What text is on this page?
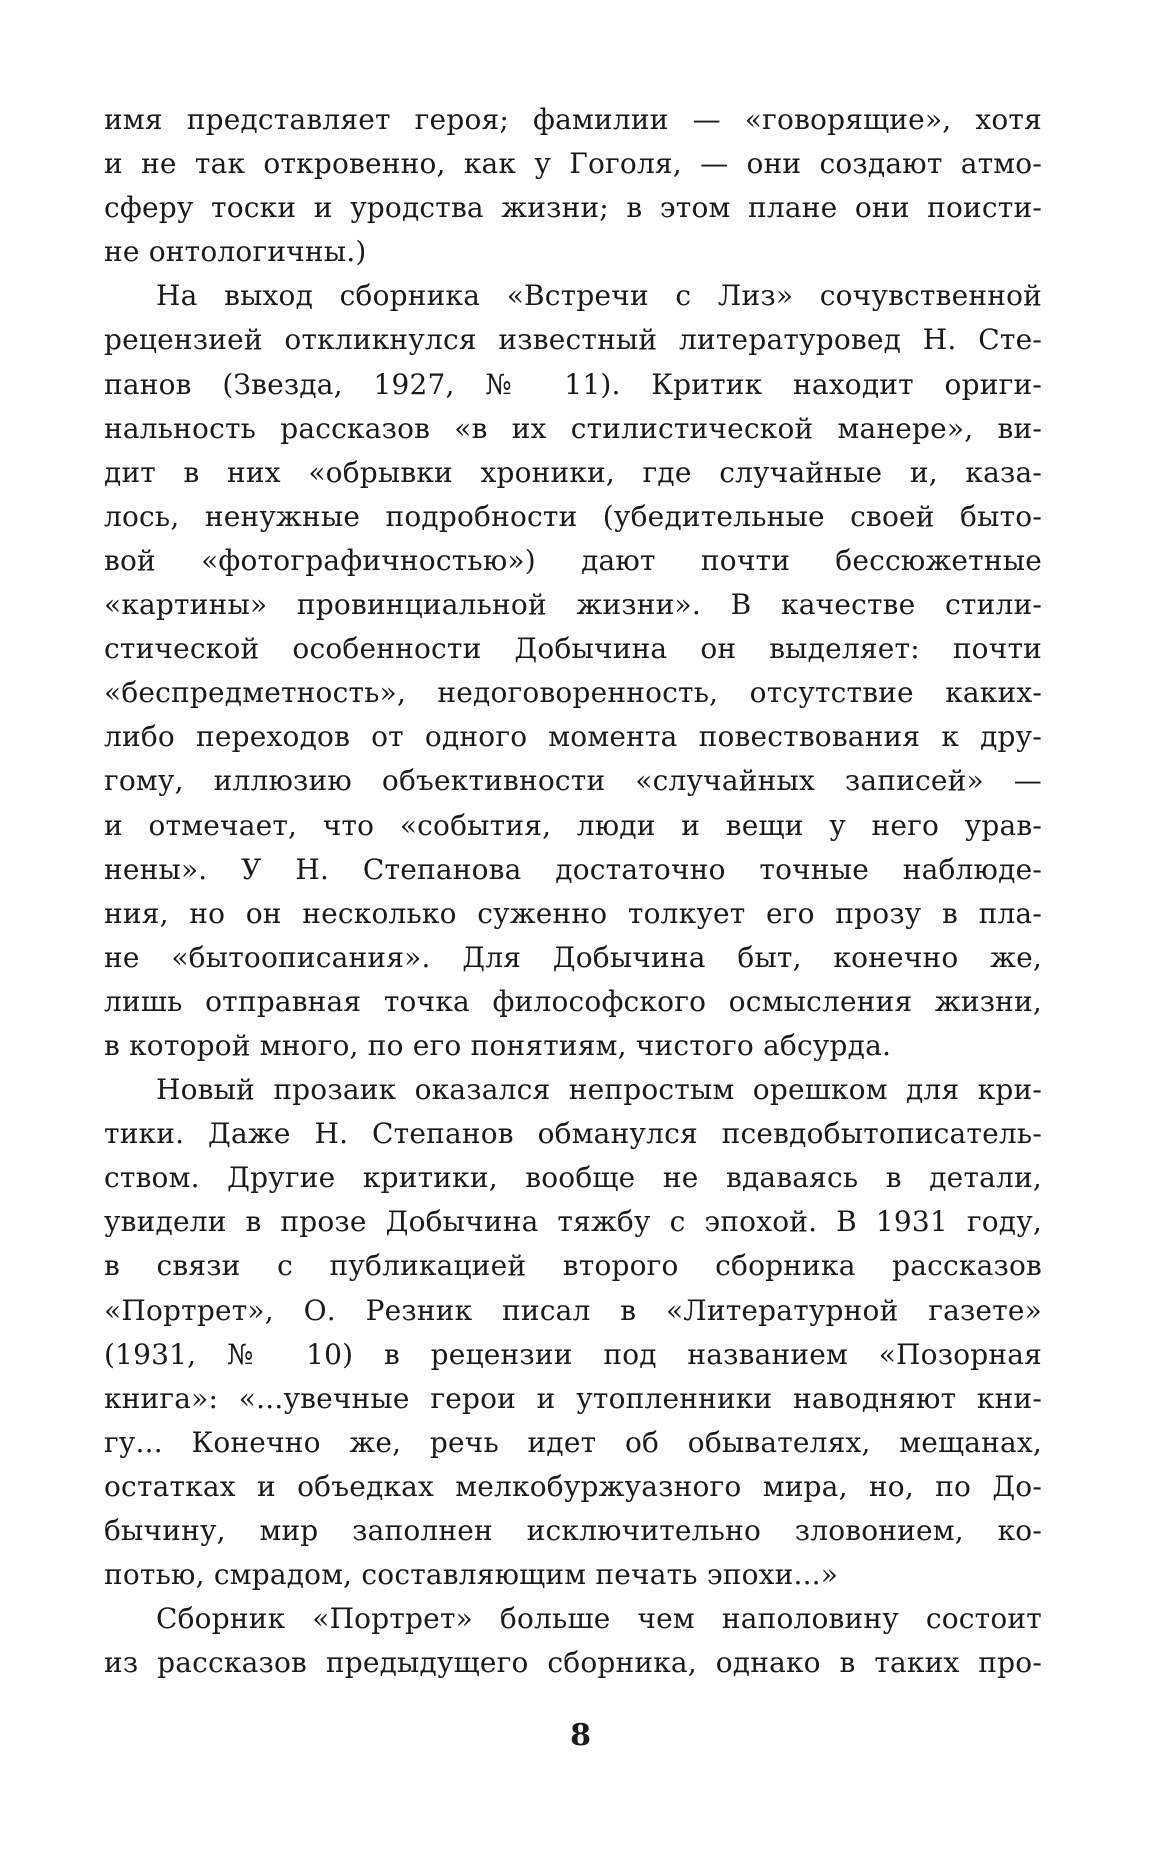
имя представляет героя; фамилии — «говорящие», хотя
и не так откровенно, как у Гоголя, — они создают атмо-
сферу тоски и уродства жизни; в этом плане они поисти-
не онтологичны.)
На выход сборника «Встречи с Лиз» сочувственной
рецензией откликнулся известный литературовед Н. Сте-
панов (Звезда, 1927, № 11). Критик находит ориги-
нальность рассказов «в их стилистической манере», ви-
дит в них «обрывки хроники, где случайные и, каза-
лось, ненужные подробности (убедительные своей быто-
вой «фотографичностью») дают почти бессюжетные
«картины» провинциальной жизни». В качестве стили-
стической особенности Добычина он выделяет: почти
«беспредметность», недоговоренность, отсутствие каких-
либо переходов от одного момента повествования к дру-
гому, иллюзию объективности «случайных записей» —
и отмечает, что «события, люди и вещи у него урав-
нены». У Н. Степанова достаточно точные наблюде-
ния, но он несколько суженно толкует его прозу в пла-
не «бытоописания». Для Добычина быт, конечно же,
лишь отправная точка философского осмысления жизни,
в которой много, по его понятиям, чистого абсурда.
Новый прозаик оказался непростым орешком для кри-
тики. Даже Н. Степанов обманулся псевдобытописатель-
ством. Другие критики, вообще не вдаваясь в детали,
увидели в прозе Добычина тяжбу с эпохой. В 1931 году,
в связи с публикацией второго сборника рассказов
«Портрет», О. Резник писал в «Литературной газете»
(1931, № 10) в рецензии под названием «Позорная
книга»: «...увечные герои и утопленники наводняют кни-
гу... Конечно же, речь идет об обывателях, мещанах,
остатках и объедках мелкобуржуазного мира, но, по До-
бычину, мир заполнен исключительно зловонием, ко-
потью, смрадом, составляющим печать эпохи...»
Сборник «Портрет» больше чем наполовину состоит
из рассказов предыдущего сборника, однако в таких про-
8
